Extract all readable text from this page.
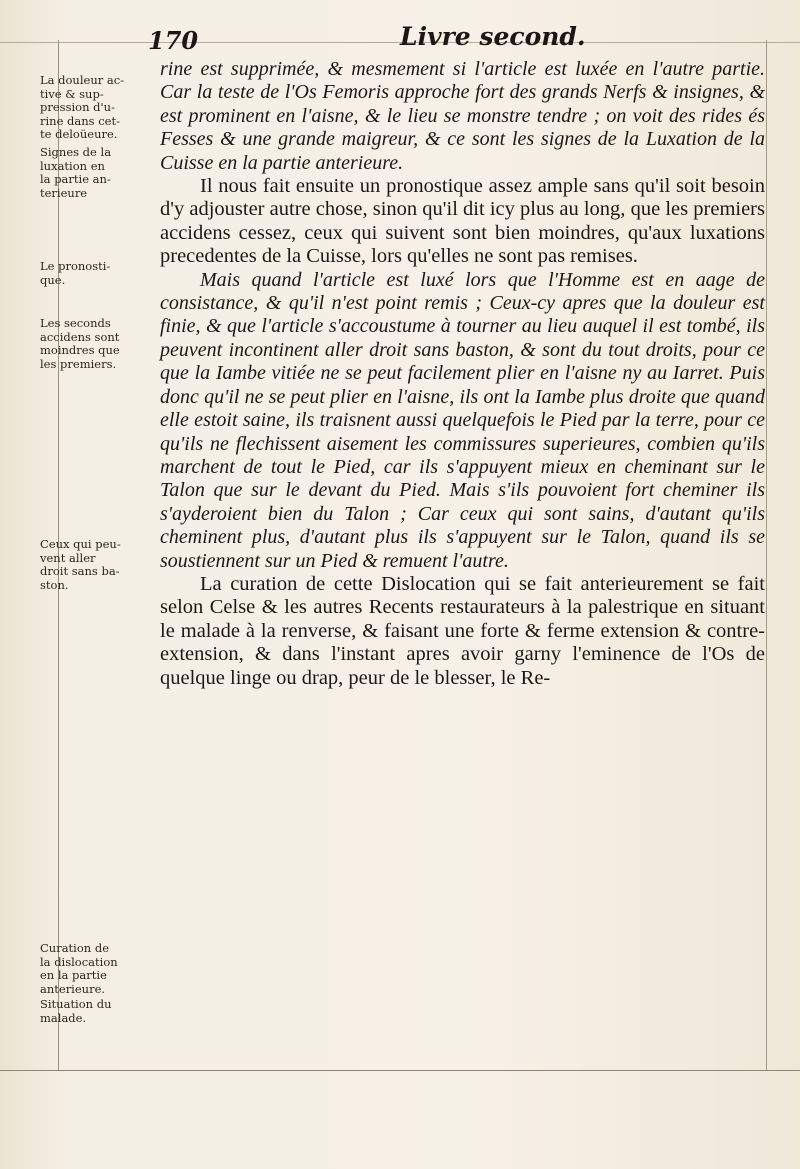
170	Livre second.
La douleur ac-
tive & sup-
pression d'u-
rine dans cet-
te deloüeure.
Signes de la
luxation en
la partie an-
terieure
Le pronosti-
que.
Les seconds
accidens sont
moindres que
les premiers.
Ceux qui peu-
vent aller
droit sans ba-
ston.
Curation de
la dislocation
en la partie
anterieure.
Situation du
malade.

rine est supprimée, & mesmement si l'article est luxée en l'autre partie. Car la teste de l'Os Femoris approche fort des grands Nerfs & insignes, & est prominent en l'aisne, & le lieu se monstre tendre ; on voit des rides és Fesses & une grande maigreur, & ce sont les signes de la Luxation de la Cuisse en la partie anterieure.

Il nous fait ensuite un pronostique assez ample sans qu'il soit besoin d'y adjouster autre chose, sinon qu'il dit icy plus au long, que les premiers accidens cessez, ceux qui suivent sont bien moindres, qu'aux luxations precedentes de la Cuisse, lors qu'elles ne sont pas remises.

Mais quand l'article est luxé lors que l'Homme est en aage de consistance, & qu'il n'est point remis ; Ceux-cy apres que la douleur est finie, & que l'article s'accoustume à tourner au lieu auquel il est tombé, ils peuvent incontinent aller droit sans baston, & sont du tout droits, pour ce que la Iambe vitiée ne se peut facilement plier en l'aisne ny au Iarret. Puis donc qu'il ne se peut plier en l'aisne, ils ont la Iambe plus droite que quand elle estoit saine, ils traisnent aussi quelquefois le Pied par la terre, pour ce qu'ils ne flechissent aisement les commissures superieures, combien qu'ils marchent de tout le Pied, car ils s'appuyent mieux en cheminant sur le Talon que sur le devant du Pied. Mais s'ils pouvoient fort cheminer ils s'ayderoient bien du Talon ; Car ceux qui sont sains, d'autant qu'ils cheminent plus, d'autant plus ils s'appuyent sur le Talon, quand ils se soustiennent sur un Pied & remuent l'autre.

La curation de cette Dislocation qui se fait anterieurement se fait selon Celse & les autres Recents restaurateurs à la palestrique en situant le malade à la renverse, & faisant une forte & ferme extension & contre-extension, & dans l'instant apres avoir garny l'eminence de l'Os de quelque linge ou drap, peur de le blesser, le Re-
